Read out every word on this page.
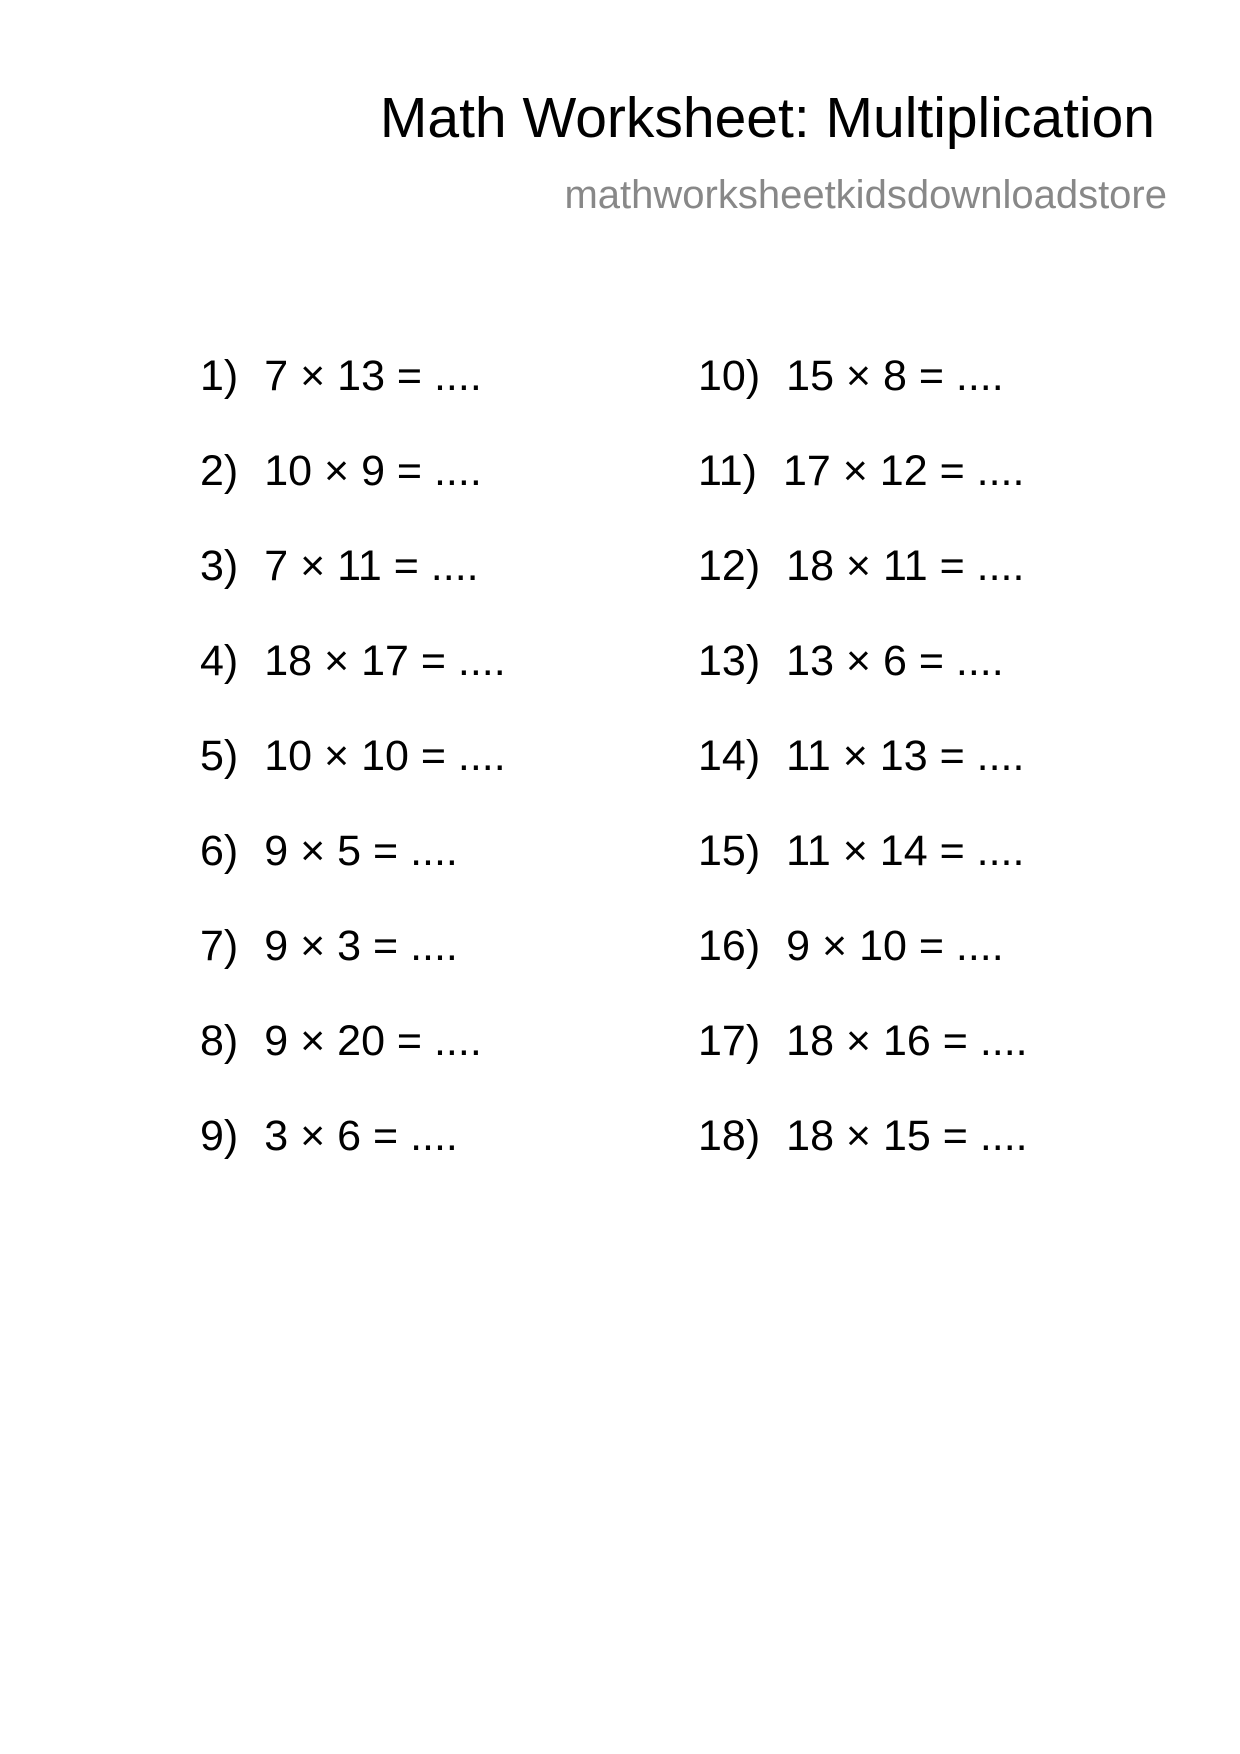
Math Worksheet: Multiplication
mathworksheetkidsdownloadstore
1) 7 × 13 = ....
2) 10 × 9 = ....
3) 7 × 11 = ....
4) 18 × 17 = ....
5) 10 × 10 = ....
6) 9 × 5 = ....
7) 9 × 3 = ....
8) 9 × 20 = ....
9) 3 × 6 = ....
10) 15 × 8 = ....
11) 17 × 12 = ....
12) 18 × 11 = ....
13) 13 × 6 = ....
14) 11 × 13 = ....
15) 11 × 14 = ....
16) 9 × 10 = ....
17) 18 × 16 = ....
18) 18 × 15 = ....
